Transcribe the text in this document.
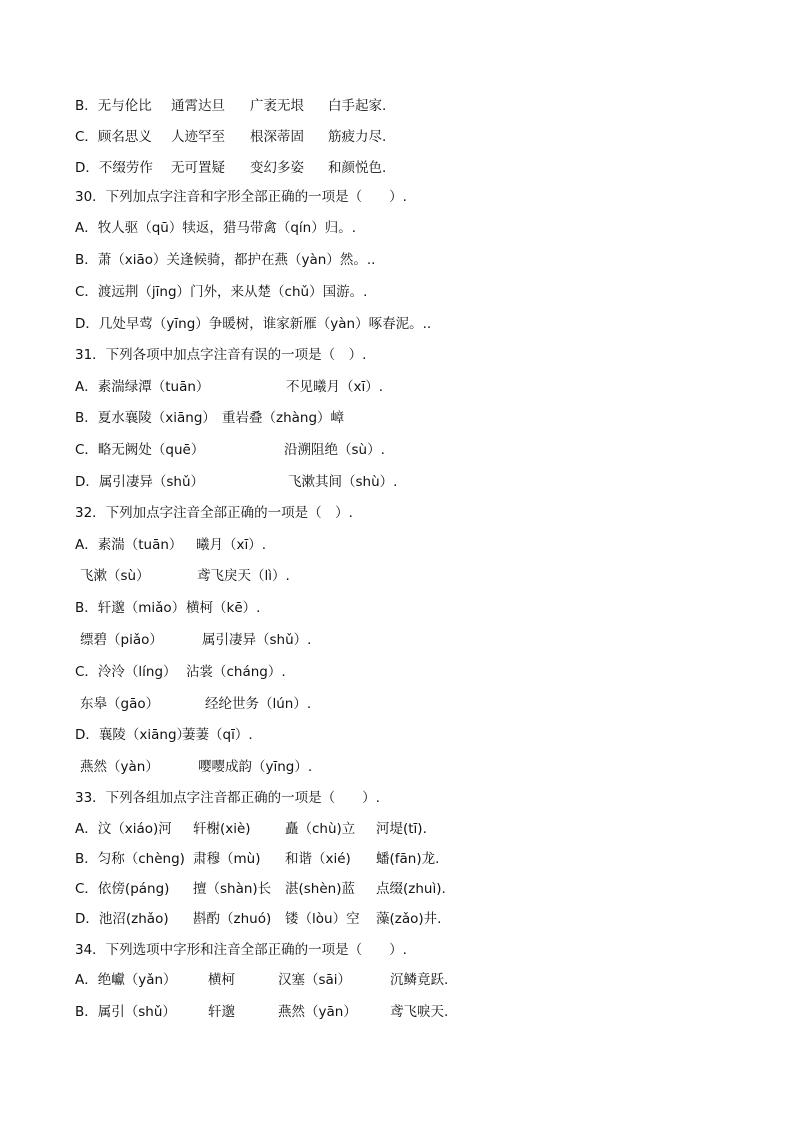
B．无与伦比 通霄达旦 广袤无垠 白手起家.
C．顾名思义 人迹罕至 根深蒂固 筋疲力尽.
D．不缀劳作 无可置疑 变幻多姿 和颜悦色.
30．下列加点字注音和字形全部正确的一项是（　　）.
A．牧人驱（qū）犊返，猎马带禽（qín）归。.
B．萧（xiāo）关逢候骑，都护在燕（yàn）然。..
C．渡远荆（jīng）门外，来从楚（chǔ）国游。.
D．几处早莺（yīng）争暖树，谁家新雁（yàn）啄春泥。..
31．下列各项中加点字注音有误的一项是（　）.
A．素湍绿潭（tuān）	不见曦月（xī）.
B．夏水襄陵（xiāng） 重岩叠（zhàng）嶂
C．略无阙处（quē）	沿溯阻绝（sù）.
D．属引凄异（shǔ）	飞漱其间（shù）.
32．下列加点字注音全部正确的一项是（　）.
A．素湍（tuān） 曦月（xī）.
飞漱（sù）	鸢飞戾天（lì）.
B．轩邈（miǎo） 横柯（kē）.
缥碧（piǎo）	属引凄异（shǔ）.
C．泠泠（líng） 沾裳（cháng）.
东皋（gāo）	经纶世务（lún）.
D．襄陵（xiāng）
萋萋（qī）.
燕然（yàn）	嘤嘤成韵（yīng）.
33．下列各组加点字注音都正确的一项是（　　）.
A．汶（xiáo)河 轩榭(xiè)	矗（chù)立 河堤(tī).
B．匀称（chèng) 肃穆（mù) 和谐（xié) 蟠(fān)龙.
C．依傍(páng) 擅（shàn)长 湛(shèn)蓝 点缀(zhuì).
D．池沼(zhǎo) 斟酌（zhuó) 镂（lòu）空 藻(zǎo)井.
34．下列选项中字形和注音全部正确的一项是（　　）.
A．绝巘（yǎn） 横柯	汉塞（sāi）	沉鳞竟跃.
B．属引（shǔ） 轩邈	燕然（yān） 鸢飞唳天.
